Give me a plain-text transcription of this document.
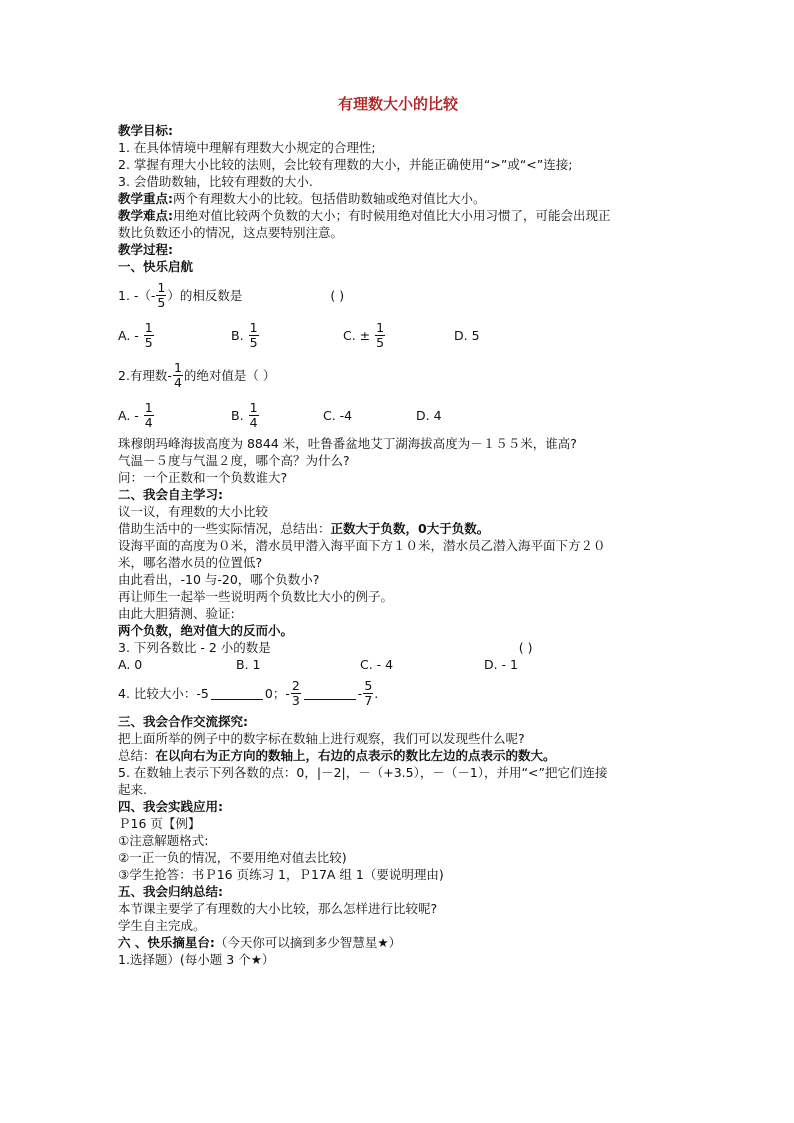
有理数大小的比较
教学目标:
1. 在具体情境中理解有理数大小规定的合理性;
2. 掌握有理大小比较的法则，会比较有理数的大小，并能正确使用“>”或“<”连接;
3. 会借助数轴，比较有理数的大小.
教学重点:两个有理数大小的比较。包括借助数轴或绝对值比大小。
教学难点:用绝对值比较两个负数的大小；有时候用绝对值比大小用习惯了，可能会出现正
数比负数还小的情况，这点要特别注意。
教学过程:
一、快乐启航
1. -（- $\frac{1}{5}$ ）的相反数是	( )
A. - $\frac{1}{5}$	B. $\frac{1}{5}$	C. ± $\frac{1}{5}$	D. 5
2.有理数- $\frac{1}{4}$ 的绝对值是（ ）
A. - $\frac{1}{4}$	B. $\frac{1}{4}$	C. -4	D. 4
珠穆朗玛峰海拔高度为 8844 米，吐鲁番盆地艾丁湖海拔高度为－１５５米，谁高?
气温－５度与气温２度，哪个高？为什么?
问：一个正数和一个负数谁大?
二、我会自主学习:
议一议，有理数的大小比较
借助生活中的一些实际情况，总结出：正数大于负数，0大于负数。
设海平面的高度为０米，潜水员甲潜入海平面下方１０米，潜水员乙潜入海平面下方２０
米，哪名潜水员的位置低?
由此看出，-10 与-20，哪个负数小?
再让师生一起举一些说明两个负数比大小的例子。
由此大胆猜测、验证:
两个负数，绝对值大的反而小。
3. 下列各数比 - 2 小的数是	( )
A. 0	B. 1	C. - 4	D. - 1
4. 比较大小：-5	0；- $\frac{2}{3}$	- $\frac{5}{7}$ .
三、我会合作交流探究:
把上面所举的例子中的数字标在数轴上进行观察，我们可以发现些什么呢?
总结：在以向右为正方向的数轴上，右边的点表示的数比左边的点表示的数大。
5. 在数轴上表示下列各数的点：0，|－2|，－（+3.5），－（－1），并用“<”把它们连接
起来.
四、我会实践应用:
Ｐ16 页【例】
①注意解题格式:
②一正一负的情况，不要用绝对值去比较)
③学生抢答：书Ｐ16 页练习 1，Ｐ17A 组 1（要说明理由)
五、我会归纳总结:
本节课主要学了有理数的大小比较，那么怎样进行比较呢?
学生自主完成。
六 、快乐摘星台:（今天你可以摘到多少智慧星★）
1.选择题）(每小题 3 个★）
